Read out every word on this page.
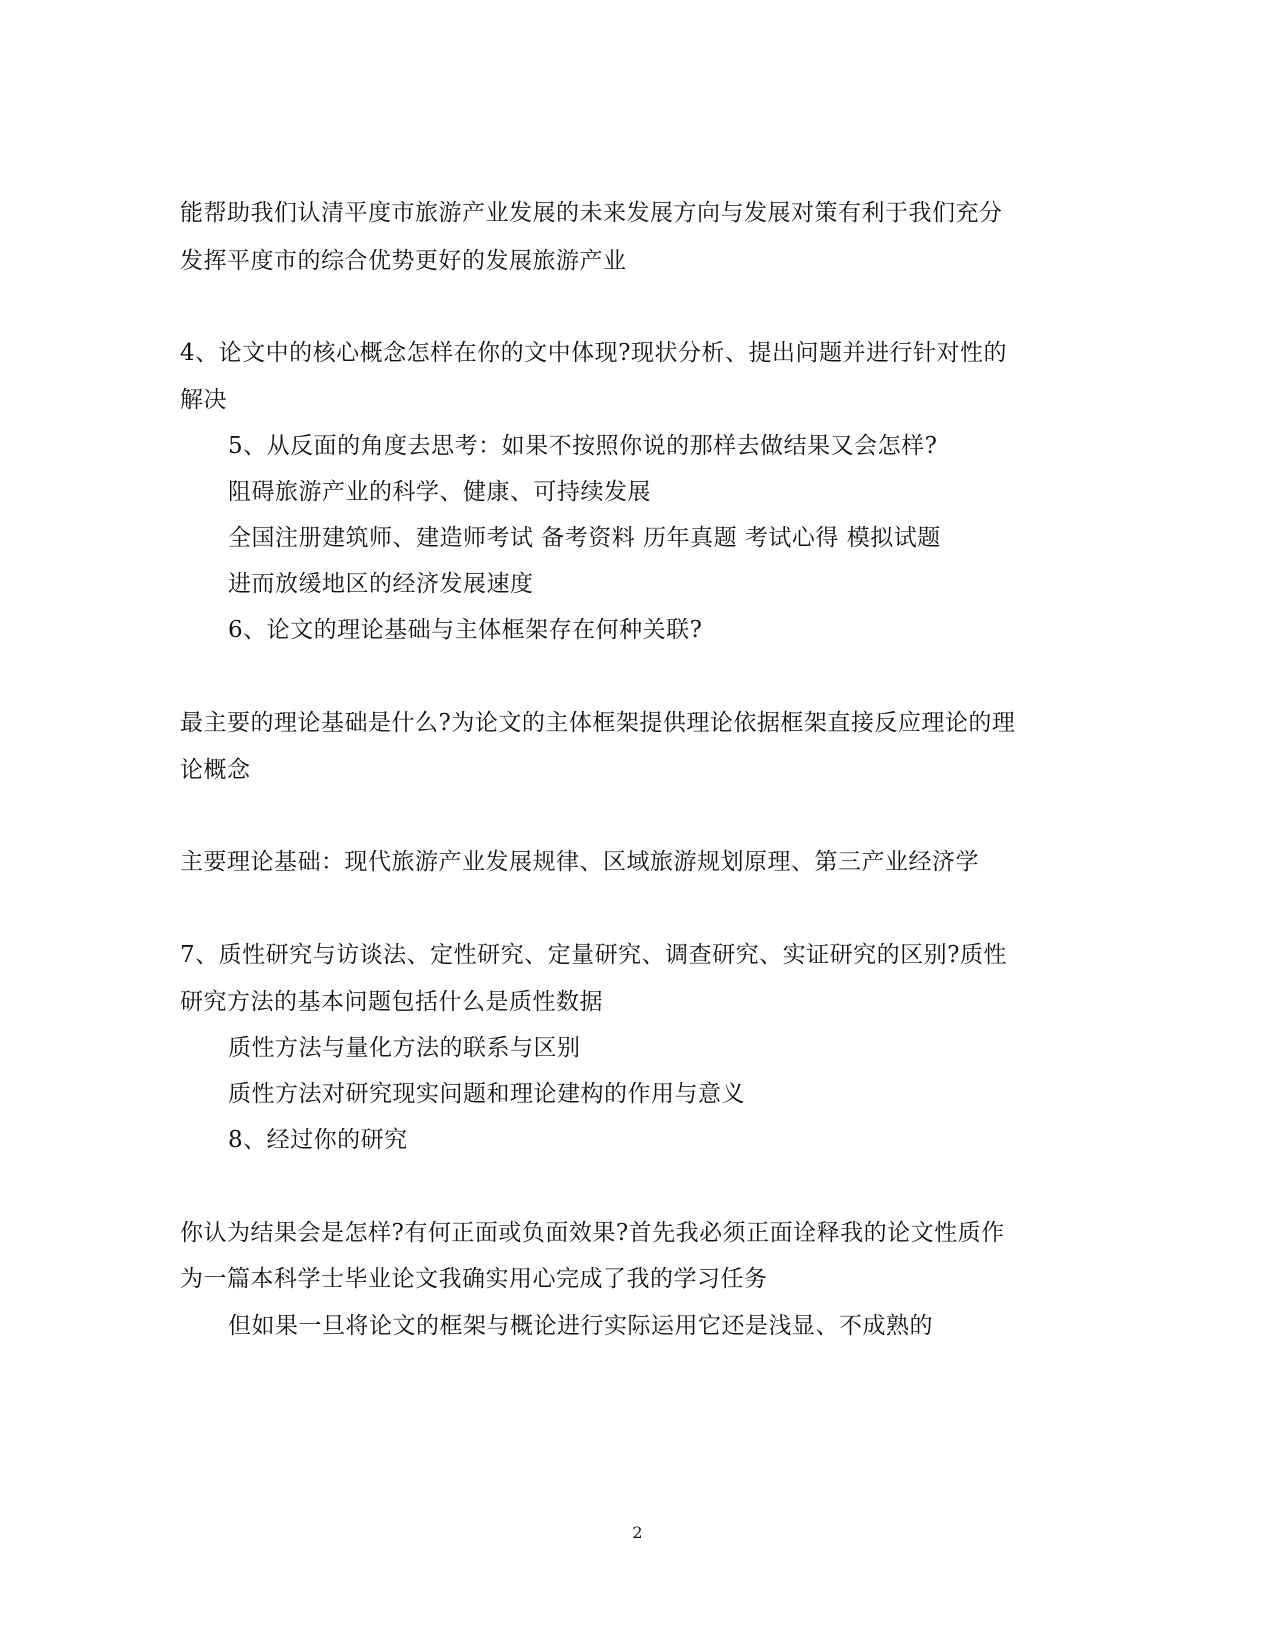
能帮助我们认清平度市旅游产业发展的未来发展方向与发展对策有利于我们充分
发挥平度市的综合优势更好的发展旅游产业
4、论文中的核心概念怎样在你的文中体现?现状分析、提出问题并进行针对性的
解决
5、从反面的角度去思考：如果不按照你说的那样去做结果又会怎样?
阻碍旅游产业的科学、健康、可持续发展
全国注册建筑师、建造师考试 备考资料 历年真题 考试心得 模拟试题
进而放缓地区的经济发展速度
6、论文的理论基础与主体框架存在何种关联?
最主要的理论基础是什么?为论文的主体框架提供理论依据框架直接反应理论的理
论概念
主要理论基础：现代旅游产业发展规律、区域旅游规划原理、第三产业经济学
7、质性研究与访谈法、定性研究、定量研究、调查研究、实证研究的区别?质性
研究方法的基本问题包括什么是质性数据
质性方法与量化方法的联系与区别
质性方法对研究现实问题和理论建构的作用与意义
8、经过你的研究
你认为结果会是怎样?有何正面或负面效果?首先我必须正面诠释我的论文性质作
为一篇本科学士毕业论文我确实用心完成了我的学习任务
但如果一旦将论文的框架与概论进行实际运用它还是浅显、不成熟的
2
